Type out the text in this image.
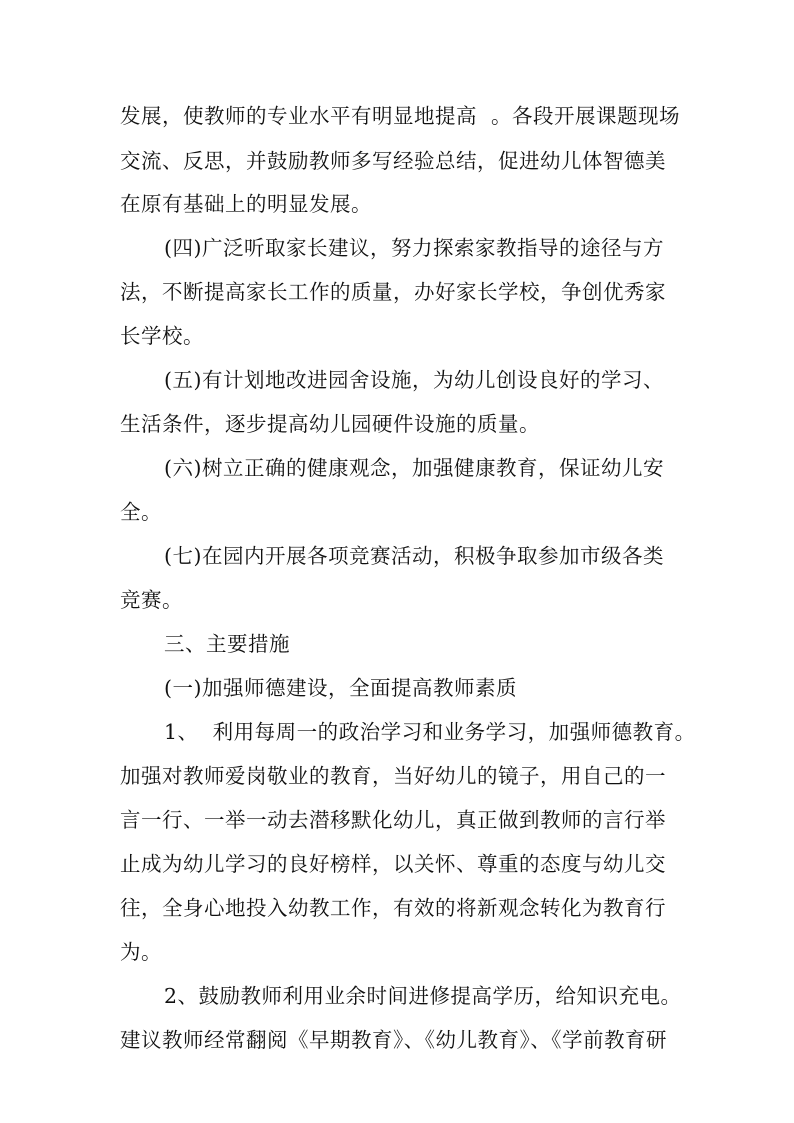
发展，使教师的专业水平有明显地提高  。各段开展课题现场
交流、反思，并鼓励教师多写经验总结，促进幼儿体智德美
在原有基础上的明显发展。
(四)广泛听取家长建议，努力探索家教指导的途径与方
法，不断提高家长工作的质量，办好家长学校，争创优秀家
长学校。
(五)有计划地改进园舍设施，为幼儿创设良好的学习、
生活条件，逐步提高幼儿园硬件设施的质量。
(六)树立正确的健康观念，加强健康教育，保证幼儿安
全。
(七)在园内开展各项竞赛活动，积极争取参加市级各类
竞赛。
三、主要措施
(一)加强师德建设，全面提高教师素质
1、  利用每周一的政治学习和业务学习，加强师德教育。
加强对教师爱岗敬业的教育，当好幼儿的镜子，用自己的一
言一行、一举一动去潜移默化幼儿，真正做到教师的言行举
止成为幼儿学习的良好榜样，以关怀、尊重的态度与幼儿交
往，全身心地投入幼教工作，有效的将新观念转化为教育行
为。
2、鼓励教师利用业余时间进修提高学历，给知识充电。
建议教师经常翻阅《早期教育》、《幼儿教育》、《学前教育研
